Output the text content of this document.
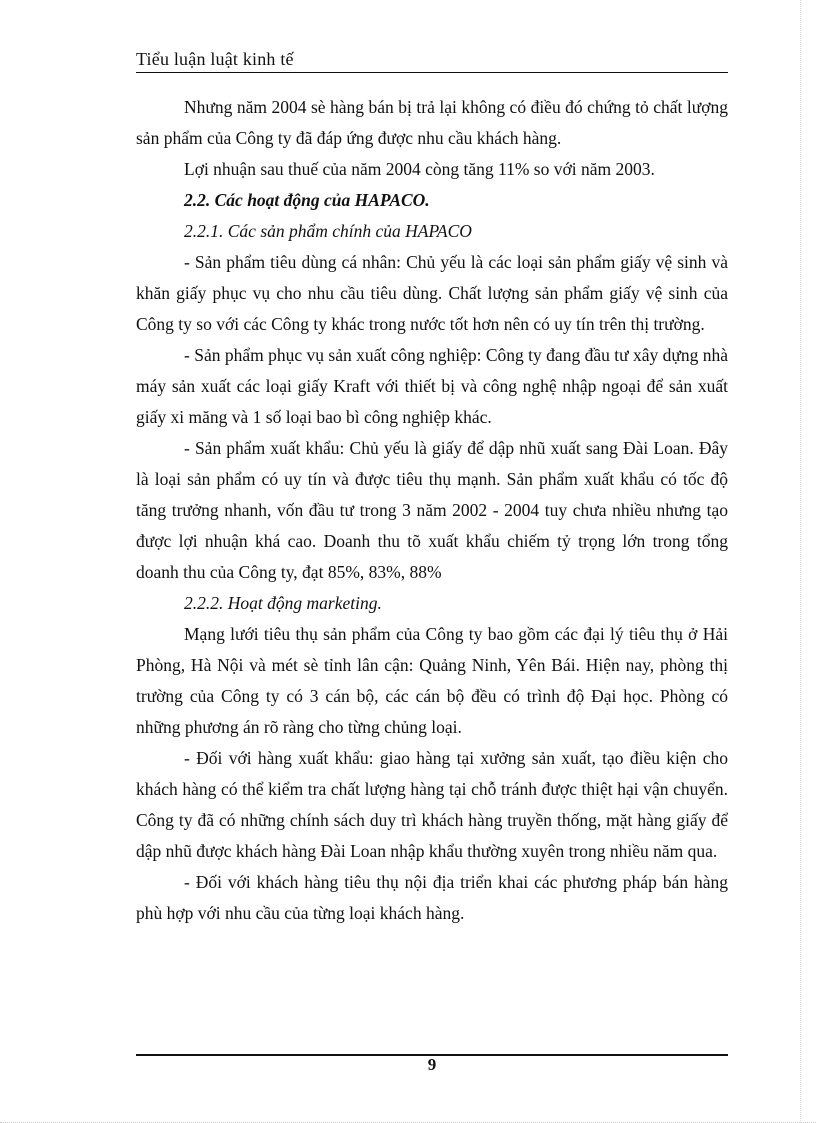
Tiểu luận luật kinh tế

Nhưng năm 2004 sè hàng bán bị trả lại không có điều đó chứng tỏ chất lượng sản phẩm của Công ty đã đáp ứng được nhu cầu khách hàng.

Lợi nhuận sau thuế của năm 2004 còng tăng 11% so với năm 2003.

2.2. Các hoạt động của HAPACO.

2.2.1. Các sản phẩm chính của HAPACO

- Sản phẩm tiêu dùng cá nhân: Chủ yếu là các loại sản phẩm giấy vệ sinh và khăn giấy phục vụ cho nhu cầu tiêu dùng. Chất lượng sản phẩm giấy vệ sinh của Công ty so với các Công ty khác trong nước tốt hơn nên có uy tín trên thị trường.

- Sản phẩm phục vụ sản xuất công nghiệp: Công ty đang đầu tư xây dựng nhà máy sản xuất các loại giấy Kraft với thiết bị và công nghệ nhập ngoại để sản xuất giấy xi măng và 1 số loại bao bì công nghiệp khác.

- Sản phẩm xuất khẩu: Chủ yếu là giấy để dập nhũ xuất sang Đài Loan. Đây là loại sản phẩm có uy tín và được tiêu thụ mạnh. Sản phẩm xuất khẩu có tốc độ tăng trưởng nhanh, vốn đầu tư trong 3 năm 2002 - 2004 tuy chưa nhiều nhưng tạo được lợi nhuận khá cao. Doanh thu tõ xuất khẩu chiếm tỷ trọng lớn trong tổng doanh thu của Công ty, đạt 85%, 83%, 88%

2.2.2. Hoạt động marketing.

Mạng lưới tiêu thụ sản phẩm của Công ty bao gồm các đại lý tiêu thụ ở Hải Phòng, Hà Nội và mét sè tỉnh lân cận: Quảng Ninh, Yên Bái. Hiện nay, phòng thị trường của Công ty có 3 cán bộ, các cán bộ đều có trình độ Đại học. Phòng có những phương án rõ ràng cho từng chủng loại.

- Đối với hàng xuất khẩu: giao hàng tại xưởng sản xuất, tạo điều kiện cho khách hàng có thể kiểm tra chất lượng hàng tại chỗ tránh được thiệt hại vận chuyển. Công ty đã có những chính sách duy trì khách hàng truyền thống, mặt hàng giấy để dập nhũ được khách hàng Đài Loan nhập khẩu thường xuyên trong nhiều năm qua.

- Đối với khách hàng tiêu thụ nội địa triển khai các phương pháp bán hàng phù hợp với nhu cầu của từng loại khách hàng.

9
